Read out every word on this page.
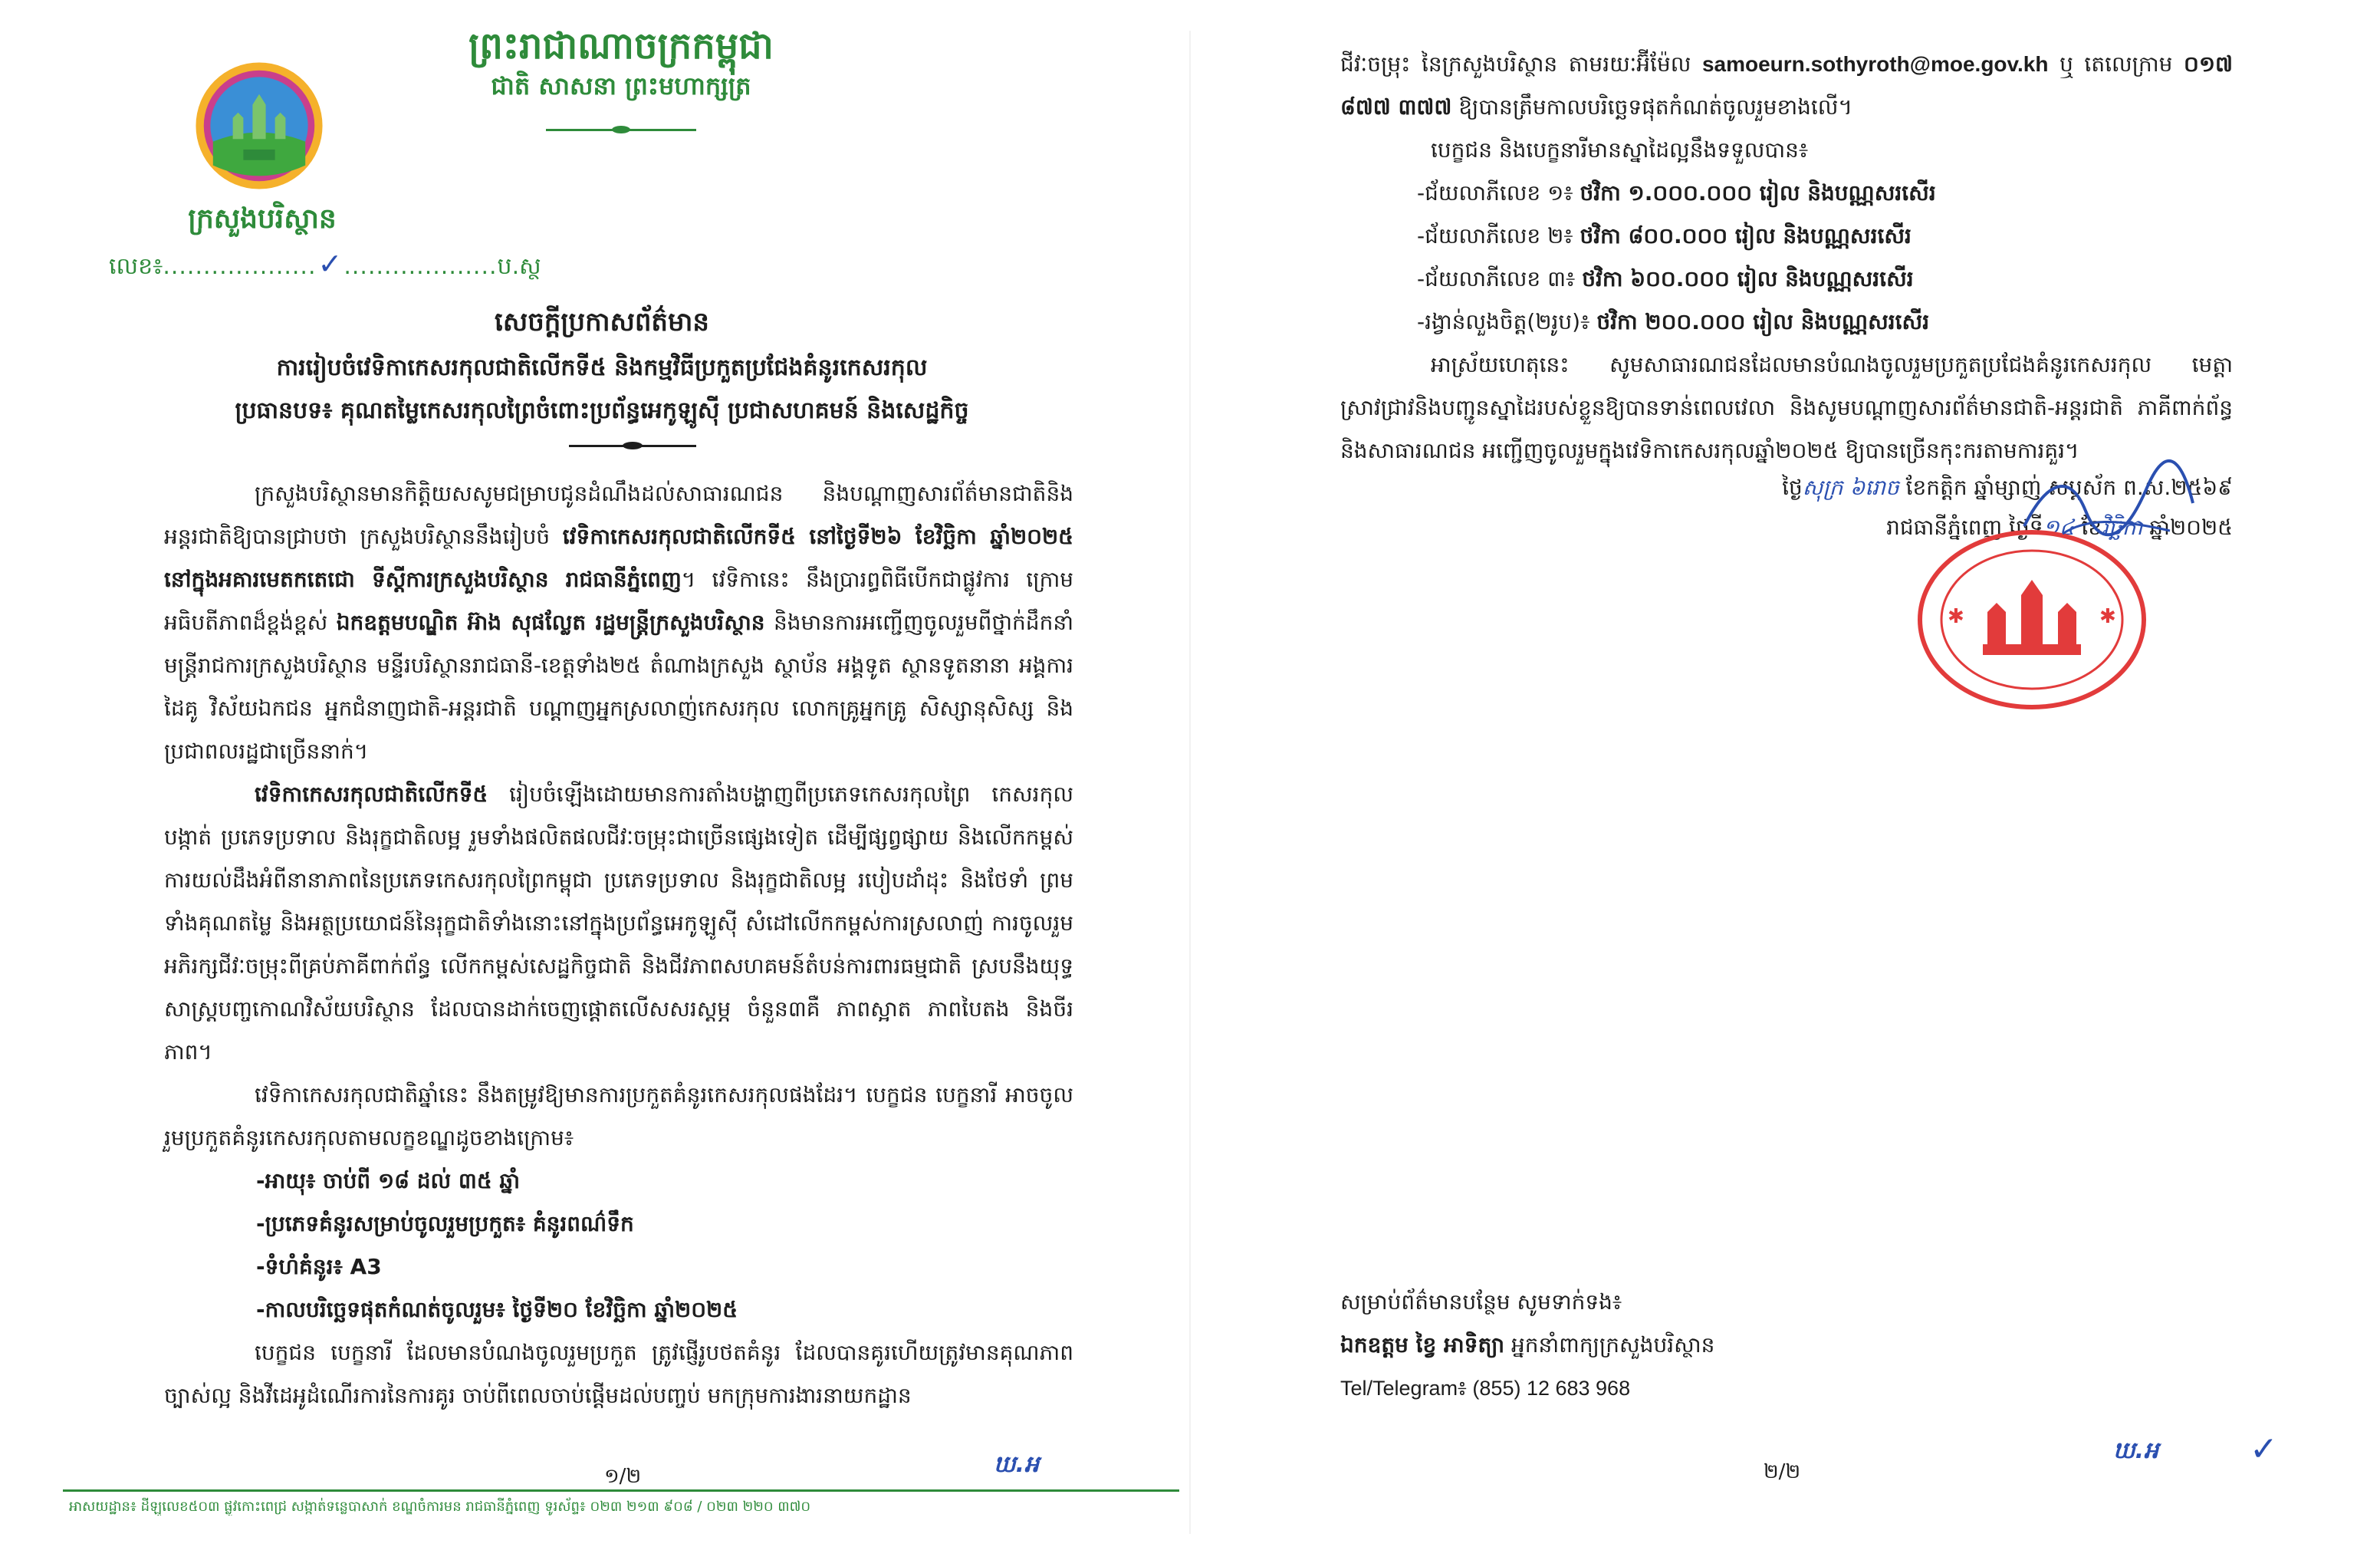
ក្រសួងបរិស្ថាន
លេខ៖...................✓...................ប.ស្ថ
ព្រះរាជាណាចក្រកម្ពុជា
ជាតិ សាសនា ព្រះមហាក្សត្រ
សេចក្តីប្រកាសព័ត៌មាន
ការរៀបចំវេទិកាកេសរកុលជាតិលើកទី៥ និងកម្មវិធីប្រកួតប្រជែងគំនូរកេសរកុល
ប្រធានបទ៖ គុណតម្លៃកេសរកុលព្រៃចំពោះប្រព័ន្ធអេកូឡូស៊ី ប្រជាសហគមន៍ និងសេដ្ឋកិច្ច

ក្រសួងបរិស្ថានមានកិត្តិយសសូមជម្រាបជូនដំណឹងដល់សាធារណជន និងបណ្តាញសារព័ត៌មានជាតិនិងអន្តរជាតិឱ្យបានជ្រាបថា ក្រសួងបរិស្ថាននឹងរៀបចំ វេទិកាកេសរកុលជាតិលើកទី៥ នៅថ្ងៃទី២៦ ខែវិច្ឆិកា ឆ្នាំ២០២៥ នៅក្នុងអគារមេតកតេជោ ទីស្តីការក្រសួងបរិស្ថាន រាជធានីភ្នំពេញ។ វេទិកានេះ នឹងប្រារព្ធពិធីបើកជាផ្លូវការ ក្រោមអធិបតីភាពដ៏ខ្ពង់ខ្ពស់ ឯកឧត្តមបណ្ឌិត អ៊ាង សុផល្លែត រដ្ឋមន្ត្រីក្រសួងបរិស្ថាន និងមានការអញ្ជើញចូលរួមពីថ្នាក់ដឹកនាំ មន្ត្រីរាជការក្រសួងបរិស្ថាន មន្ទីរបរិស្ថានរាជធានី-ខេត្តទាំង២៥ តំណាងក្រសួង ស្ថាប័ន អង្គទូត ស្ថានទូតនានា អង្គការដៃគូ វិស័យឯកជន អ្នកជំនាញជាតិ-អន្តរជាតិ បណ្តាញអ្នកស្រលាញ់កេសរកុល លោកគ្រូអ្នកគ្រូ សិស្សានុសិស្ស និងប្រជាពលរដ្ឋជាច្រើននាក់។

វេទិកាកេសរកុលជាតិលើកទី៥ រៀបចំឡើងដោយមានការតាំងបង្ហាញពីប្រភេទកេសរកុលព្រៃ កេសរកុលបង្កាត់ ប្រភេទប្រទាល និងរុក្ខជាតិលម្អ រួមទាំងផលិតផលជីវៈចម្រុះជាច្រើនផ្សេងទៀត ដើម្បីផ្សព្វផ្សាយ និងលើកកម្ពស់ការយល់ដឹងអំពីនានាភាពនៃប្រភេទកេសរកុលព្រៃកម្ពុជា ប្រភេទប្រទាល និងរុក្ខជាតិលម្អ របៀបដាំដុះ និងថែទាំ ព្រមទាំងគុណតម្លៃ និងអត្ថប្រយោជន៍នៃរុក្ខជាតិទាំងនោះនៅក្នុងប្រព័ន្ធអេកូឡូស៊ី សំដៅលើកកម្ពស់ការស្រលាញ់ ការចូលរួមអភិរក្សជីវៈចម្រុះពីគ្រប់ភាគីពាក់ព័ន្ធ លើកកម្ពស់សេដ្ឋកិច្ចជាតិ និងជីវភាពសហគមន៍តំបន់ការពារធម្មជាតិ ស្របនឹងយុទ្ធសាស្ត្របញ្ចកោណវិស័យបរិស្ថាន ដែលបានដាក់ចេញផ្តោតលើសសរស្តម្ភ ចំនួន៣គឺ ភាពស្អាត ភាពបៃតង និងចីរភាព។

វេទិកាកេសរកុលជាតិឆ្នាំនេះ នឹងតម្រូវឱ្យមានការប្រកួតគំនូរកេសរកុលផងដែរ។ បេក្ខជន បេក្ខនារី អាចចូលរួមប្រកួតគំនូរកេសរកុលតាមលក្ខខណ្ឌដូចខាងក្រោម៖

-អាយុ៖ ចាប់ពី ១៨ ដល់ ៣៥ ឆ្នាំ
-ប្រភេទគំនូរសម្រាប់ចូលរួមប្រកួត៖ គំនូរពណ៌ទឹក
-ទំហំគំនូរ៖ A3
-កាលបរិច្ឆេទផុតកំណត់ចូលរួម៖ ថ្ងៃទី២០ ខែវិច្ឆិកា ឆ្នាំ២០២៥

បេក្ខជន បេក្ខនារី ដែលមានបំណងចូលរួមប្រកួត ត្រូវផ្ញើរូបថតគំនូរ ដែលបានគូរហើយត្រូវមានគុណភាពច្បាស់ល្អ និងវីដេអូដំណើរការនៃការគូរ ចាប់ពីពេលចាប់ផ្តើមដល់បញ្ចប់ មកក្រុមការងារនាយកដ្ឋាន

១/២	ឃ.អ
អាសយដ្ឋាន៖ ដីឡូលេខ៥០៣ ផ្លូវកោះពេជ្រ សង្កាត់ទន្លេបាសាក់ ខណ្ឌចំការមន រាជធានីភ្នំពេញ ទូរស័ព្ទ៖ ០២៣ ២១៣ ៩០៨ / ០២៣ ២២០ ៣៧០

ជីវៈចម្រុះ នៃក្រសួងបរិស្ថាន តាមរយៈអ៊ីម៉ែល samoeurn.sothyroth@moe.gov.kh ឬ តេលេក្រាម ០១៧ ៨៧៧ ៣៧៧ ឱ្យបានត្រឹមកាលបរិច្ឆេទផុតកំណត់ចូលរួមខាងលើ។

បេក្ខជន និងបេក្ខនារីមានស្នាដៃល្អនឹងទទួលបាន៖

-ជ័យលាភីលេខ ១៖ ថវិកា ១.០០០.០០០ រៀល និងបណ្ណសរសើរ
-ជ័យលាភីលេខ ២៖ ថវិកា ៨០០.០០០ រៀល និងបណ្ណសរសើរ
-ជ័យលាភីលេខ ៣៖ ថវិកា ៦០០.០០០ រៀល និងបណ្ណសរសើរ
-រង្វាន់លួងចិត្ត(២រូប)៖ ថវិកា ២០០.០០០ រៀល និងបណ្ណសរសើរ

អាស្រ័យហេតុនេះ សូមសាធារណជនដែលមានបំណងចូលរួមប្រកួតប្រជែងគំនូរកេសរកុល មេត្តាស្រាវជ្រាវនិងបញ្ជូនស្នាដៃរបស់ខ្លួនឱ្យបានទាន់ពេលវេលា និងសូមបណ្តាញសារព័ត៌មានជាតិ-អន្តរជាតិ ភាគីពាក់ព័ន្ធ និងសាធារណជន អញ្ជើញចូលរួមក្នុងវេទិកាកេសរកុលឆ្នាំ២០២៥ ឱ្យបានច្រើនកុះករតាមការគួរ។

ថ្ងៃសុក្រ ៦រោច ខែកត្តិក ឆ្នាំម្សាញ់ សប្តស័ក ព.ស.២៥៦៩
រាជធានីភ្នំពេញ ថ្ងៃទី១៤ ខែវិច្ឆិកា ឆ្នាំ២០២៥
✱	✱

សម្រាប់ព័ត៌មានបន្ថែម សូមទាក់ទង៖

ឯកឧត្តម ខ្វៃ អាទិត្យា អ្នកនាំពាក្យក្រសួងបរិស្ថាន

Tel/Telegram៖ (855) 12 683 968

២/២
ឃ.អ	✓
